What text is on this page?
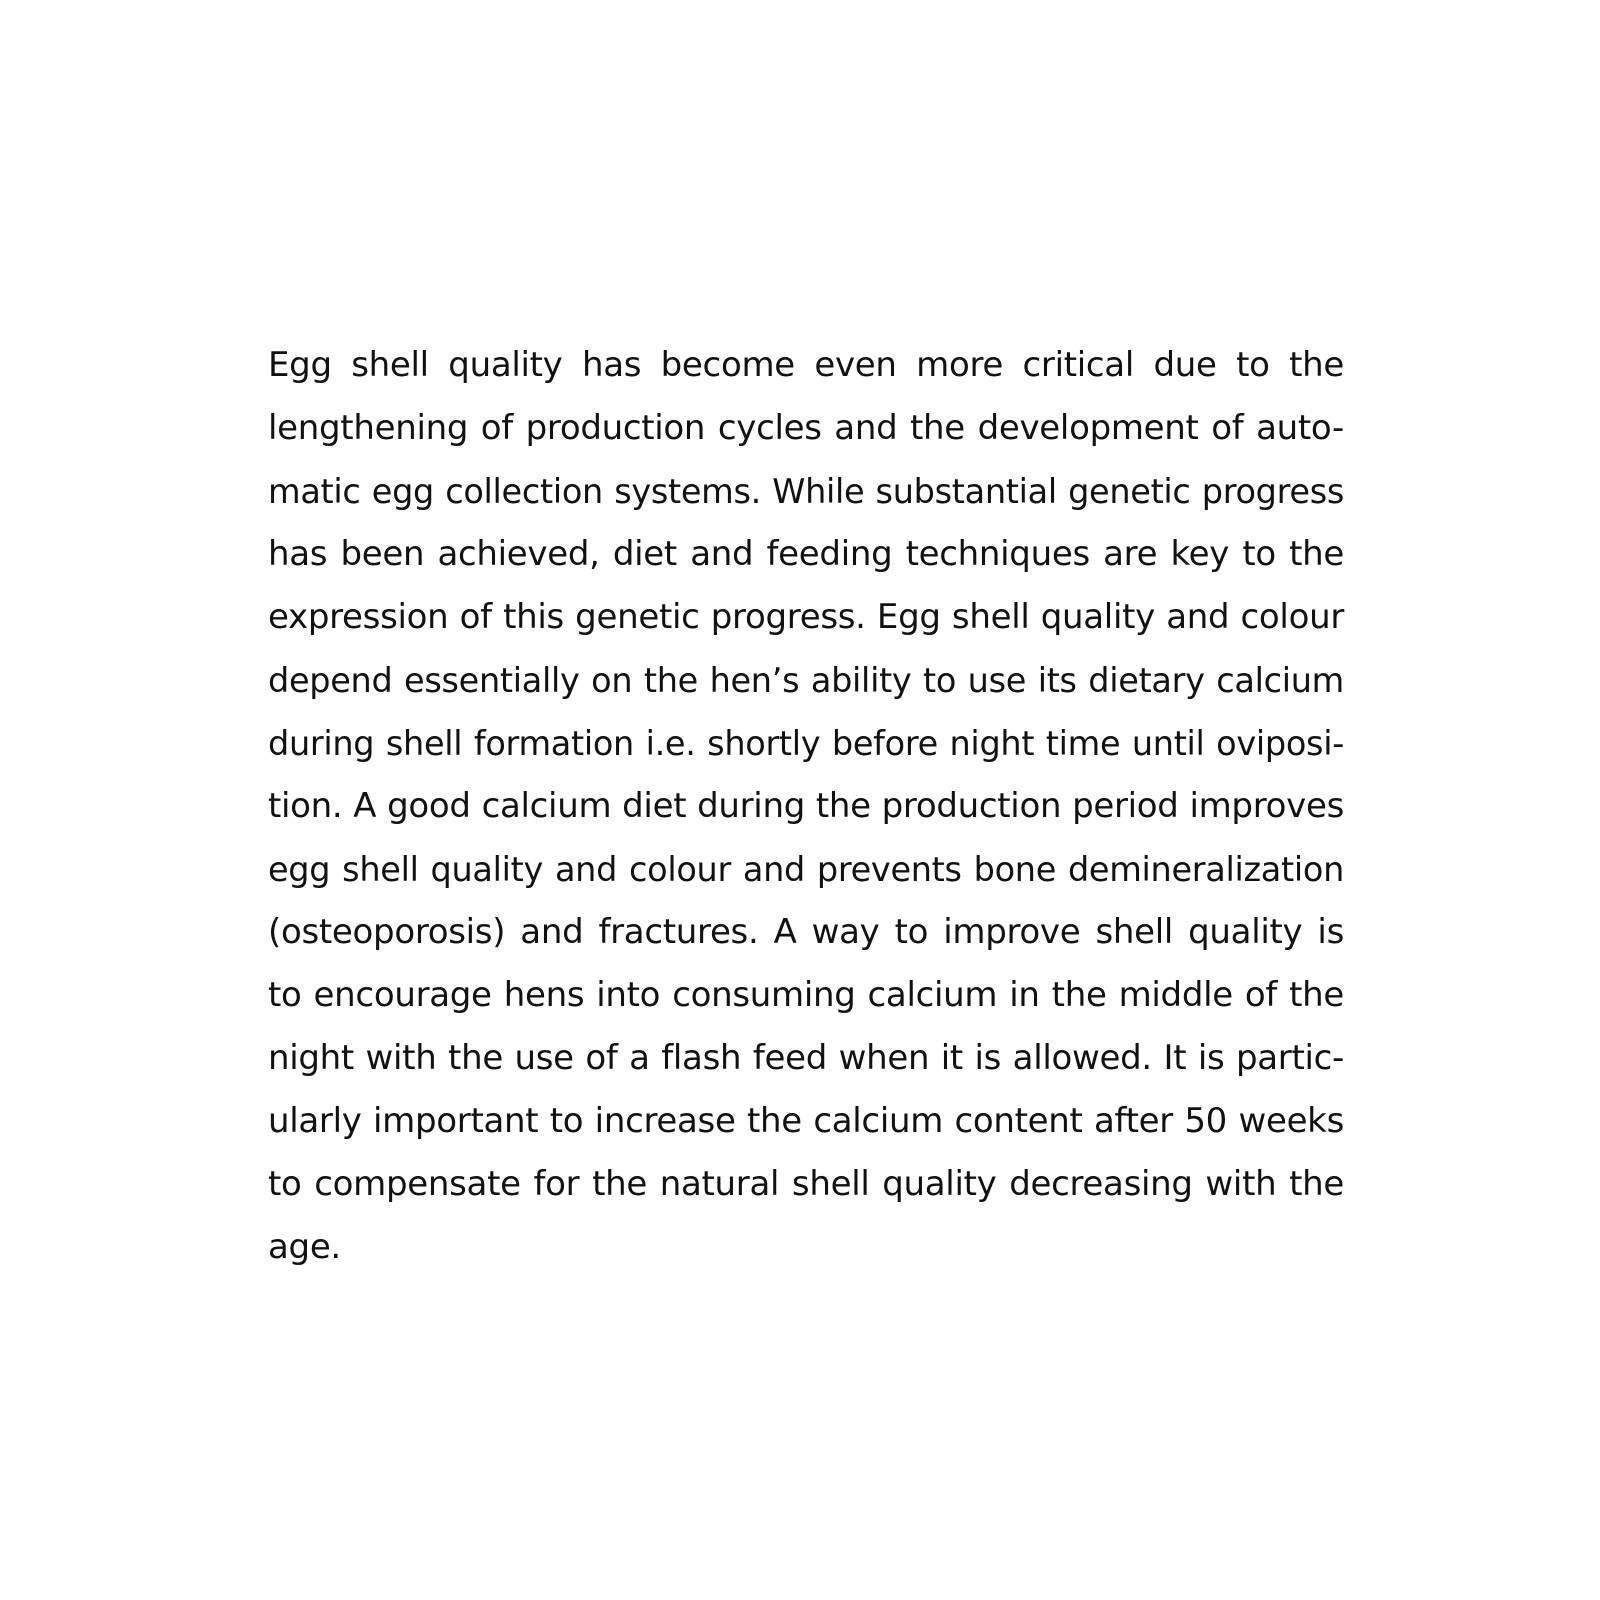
Egg shell quality has become even more critical due to the
lengthening of production cycles and the development of auto-
matic egg collection systems. While substantial genetic progress
has been achieved, diet and feeding techniques are key to the
expression of this genetic progress. Egg shell quality and colour
depend essentially on the hen’s ability to use its dietary calcium
during shell formation i.e. shortly before night time until oviposi-
tion. A good calcium diet during the production period improves
egg shell quality and colour and prevents bone demineralization
(osteoporosis) and fractures. A way to improve shell quality is
to encourage hens into consuming calcium in the middle of the
night with the use of a flash feed when it is allowed. It is partic-
ularly important to increase the calcium content after 50 weeks
to compensate for the natural shell quality decreasing with the
age.
